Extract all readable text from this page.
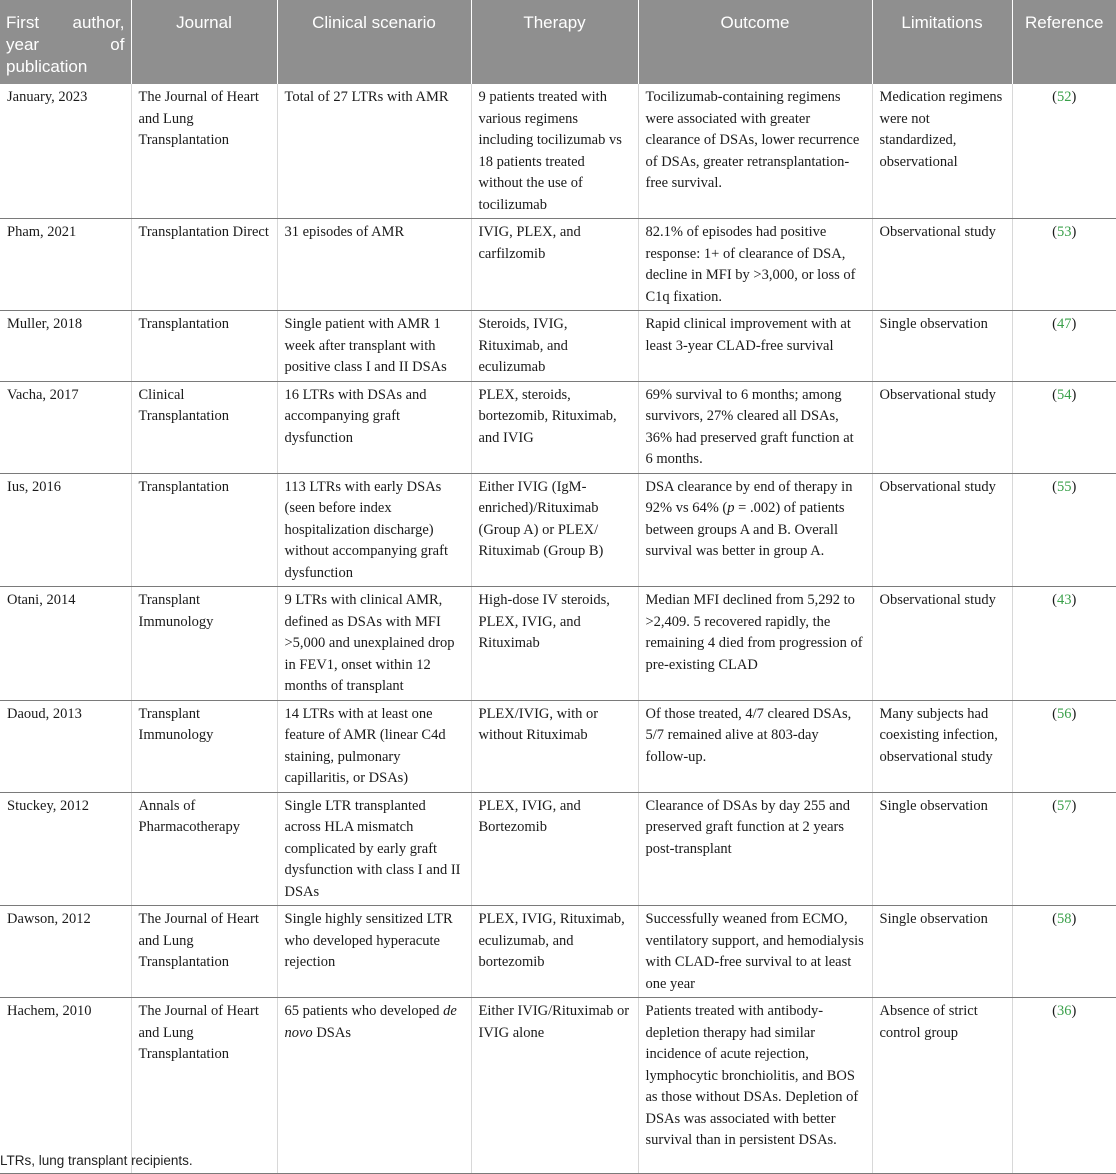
First author, year of publication	Journal	Clinical scenario	Therapy	Outcome	Limitations	Reference
January, 2023	The Journal of Heart and Lung Transplantation	Total of 27 LTRs with AMR	9 patients treated with various regimens including tocilizumab vs 18 patients treated without the use of tocilizumab	Tocilizumab-containing regimens were associated with greater clearance of DSAs, lower recurrence of DSAs, greater retransplantation-free survival.	Medication regimens were not standardized, observational	(52)
Pham, 2021	Transplantation Direct	31 episodes of AMR	IVIG, PLEX, and carfilzomib	82.1% of episodes had positive response: 1+ of clearance of DSA, decline in MFI by >3,000, or loss of C1q fixation.	Observational study	(53)
Muller, 2018	Transplantation	Single patient with AMR 1 week after transplant with positive class I and II DSAs	Steroids, IVIG, Rituximab, and eculizumab	Rapid clinical improvement with at least 3-year CLAD-free survival	Single observation	(47)
Vacha, 2017	Clinical Transplantation	16 LTRs with DSAs and accompanying graft dysfunction	PLEX, steroids, bortezomib, Rituximab, and IVIG	69% survival to 6 months; among survivors, 27% cleared all DSAs, 36% had preserved graft function at 6 months.	Observational study	(54)
Ius, 2016	Transplantation	113 LTRs with early DSAs (seen before index hospitalization discharge) without accompanying graft dysfunction	Either IVIG (IgM-enriched)/Rituximab (Group A) or PLEX/ Rituximab (Group B)	DSA clearance by end of therapy in 92% vs 64% (p = .002) of patients between groups A and B. Overall survival was better in group A.	Observational study	(55)
Otani, 2014	Transplant Immunology	9 LTRs with clinical AMR, defined as DSAs with MFI >5,000 and unexplained drop in FEV1, onset within 12 months of transplant	High-dose IV steroids, PLEX, IVIG, and Rituximab	Median MFI declined from 5,292 to >2,409. 5 recovered rapidly, the remaining 4 died from progression of pre-existing CLAD	Observational study	(43)
Daoud, 2013	Transplant Immunology	14 LTRs with at least one feature of AMR (linear C4d staining, pulmonary capillaritis, or DSAs)	PLEX/IVIG, with or without Rituximab	Of those treated, 4/7 cleared DSAs, 5/7 remained alive at 803-day follow-up.	Many subjects had coexisting infection, observational study	(56)
Stuckey, 2012	Annals of Pharmacotherapy	Single LTR transplanted across HLA mismatch complicated by early graft dysfunction with class I and II DSAs	PLEX, IVIG, and Bortezomib	Clearance of DSAs by day 255 and preserved graft function at 2 years post-transplant	Single observation	(57)
Dawson, 2012	The Journal of Heart and Lung Transplantation	Single highly sensitized LTR who developed hyperacute rejection	PLEX, IVIG, Rituximab, eculizumab, and bortezomib	Successfully weaned from ECMO, ventilatory support, and hemodialysis with CLAD-free survival to at least one year	Single observation	(58)
Hachem, 2010	The Journal of Heart and Lung Transplantation	65 patients who developed de novo DSAs	Either IVIG/Rituximab or IVIG alone	Patients treated with antibody-depletion therapy had similar incidence of acute rejection, lymphocytic bronchiolitis, and BOS as those without DSAs. Depletion of DSAs was associated with better survival than in persistent DSAs.	Absence of strict control group	(36)
LTRs, lung transplant recipients.
